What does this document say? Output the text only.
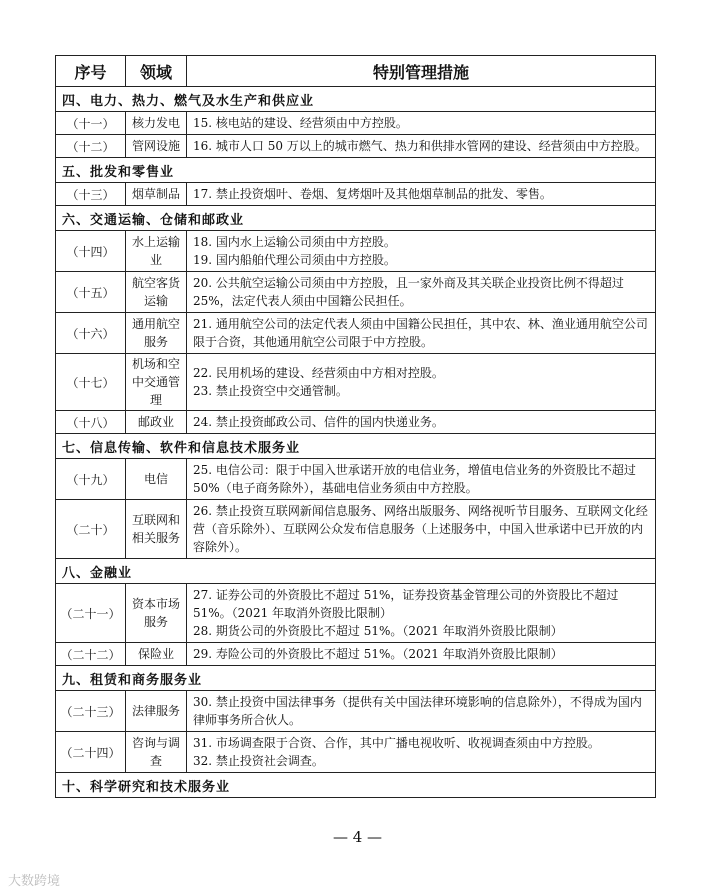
序号	领域	特别管理措施
四、电力、热力、燃气及水生产和供应业		
（十一）	核力发电	15. 核电站的建设、经营须由中方控股。

（十二）	管网设施	16. 城市人口 50 万以上的城市燃气、热力和供排水管网的建设、经营须由中方控股。

五、批发和零售业		
（十三）	烟草制品	17. 禁止投资烟叶、卷烟、复烤烟叶及其他烟草制品的批发、零售。

六、交通运输、仓储和邮政业		
（十四）	水上运输业	18. 国内水上运输公司须由中方控股。
19. 国内船舶代理公司须由中方控股。

（十五）	航空客货运输	20. 公共航空运输公司须由中方控股，且一家外商及其关联企业投资比例不得超过25%，法定代表人须由中国籍公民担任。

（十六）	通用航空服务	21. 通用航空公司的法定代表人须由中国籍公民担任，其中农、林、渔业通用航空公司限于合资，其他通用航空公司限于中方控股。

（十七）	机场和空中交通管理	22. 民用机场的建设、经营须由中方相对控股。
23. 禁止投资空中交通管制。

（十八）	邮政业	24. 禁止投资邮政公司、信件的国内快递业务。

七、信息传输、软件和信息技术服务业		
（十九）	电信	25. 电信公司：限于中国入世承诺开放的电信业务，增值电信业务的外资股比不超过 50%（电子商务除外），基础电信业务须由中方控股。

（二十）	互联网和相关服务	26. 禁止投资互联网新闻信息服务、网络出版服务、网络视听节目服务、互联网文化经营（音乐除外）、互联网公众发布信息服务（上述服务中，中国入世承诺中已开放的内容除外）。

八、金融业		
（二十一）	资本市场服务	27. 证券公司的外资股比不超过 51%，证券投资基金管理公司的外资股比不超过 51%。（2021 年取消外资股比限制）
28. 期货公司的外资股比不超过 51%。（2021 年取消外资股比限制）

（二十二）	保险业	29. 寿险公司的外资股比不超过 51%。（2021 年取消外资股比限制）

九、租赁和商务服务业		
（二十三）	法律服务	30. 禁止投资中国法律事务（提供有关中国法律环境影响的信息除外），不得成为国内律师事务所合伙人。

（二十四）	咨询与调查	31. 市场调查限于合资、合作，其中广播电视收听、收视调查须由中方控股。
32. 禁止投资社会调查。

十、科学研究和技术服务业		
— 4 —
大数跨境
